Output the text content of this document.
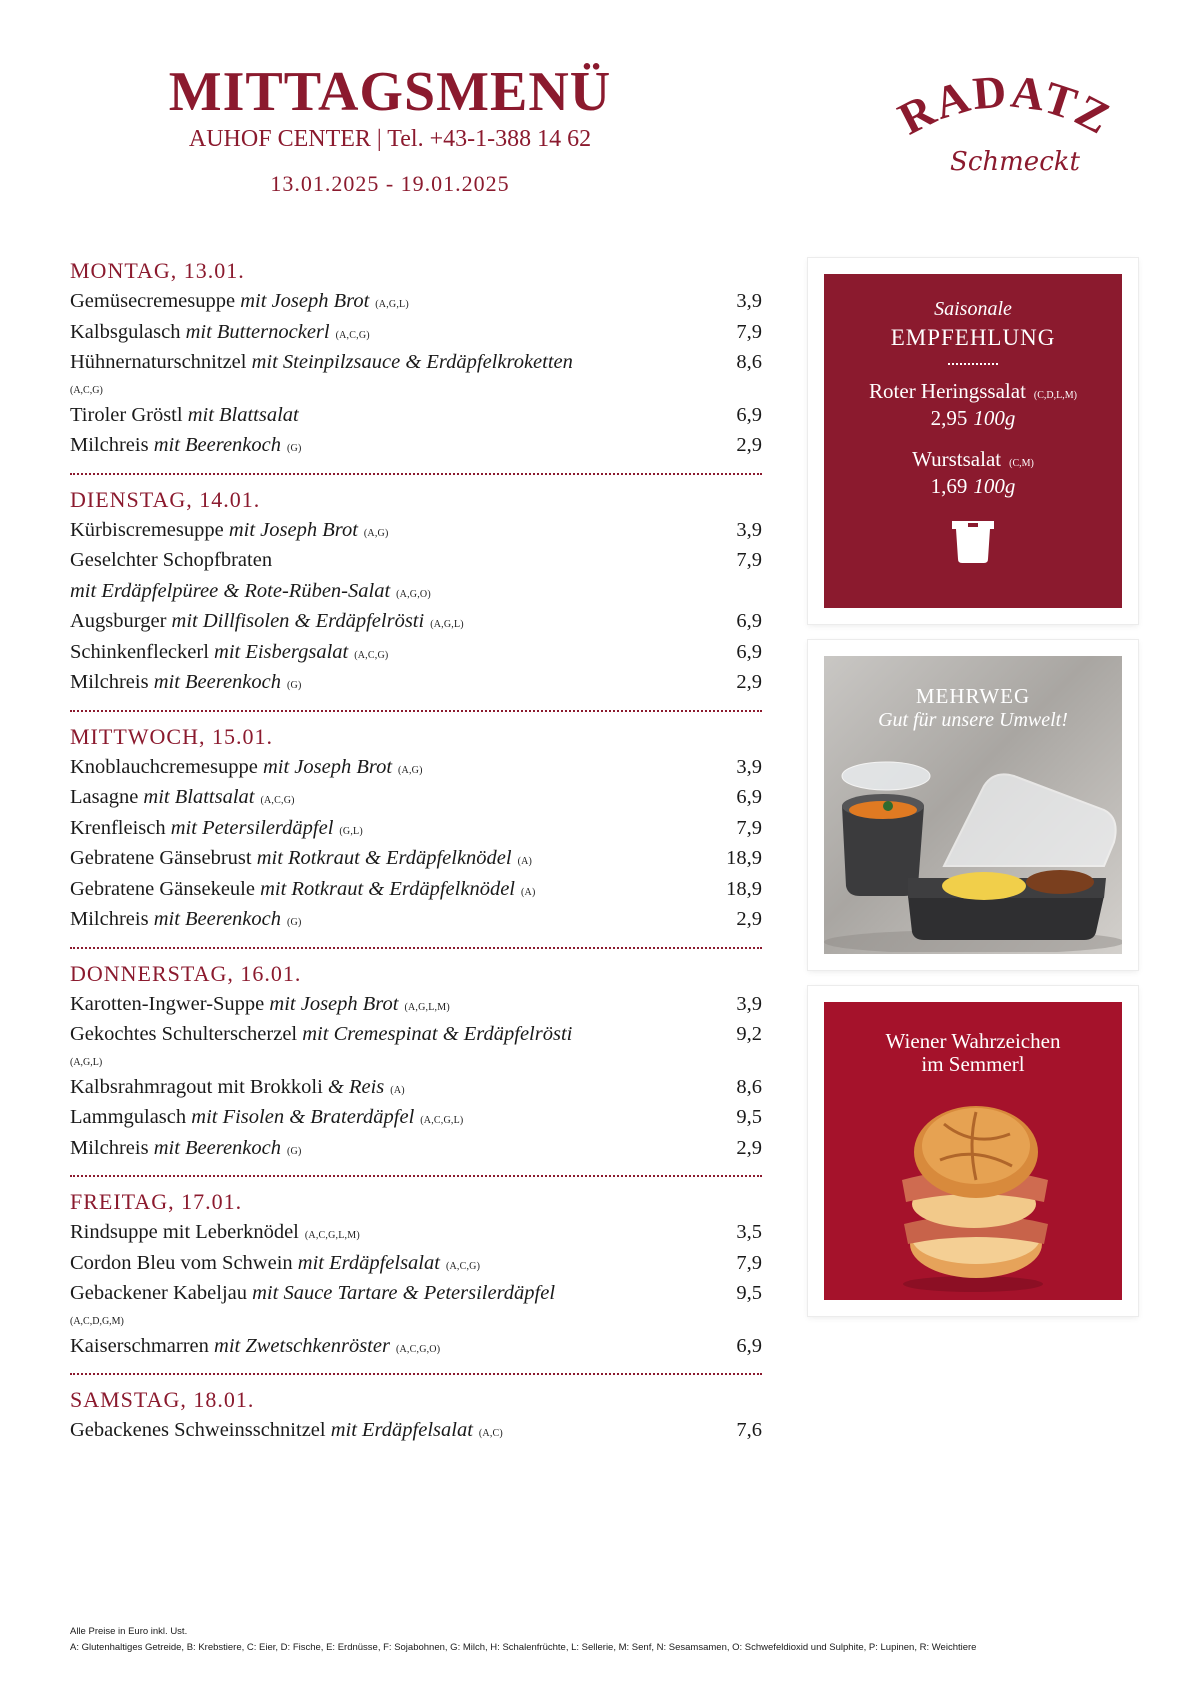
MITTAGSMENÜ
AUHOF CENTER | Tel. +43-1-388 14 62
13.01.2025 - 19.01.2025
RADATZ
Schmeckt
MONTAG, 13.01.
Gemüsecremesuppe mit Joseph Brot (A,G,L)	3,9
Kalbsgulasch mit Butternockerl (A,C,G)	7,9
Hühnernaturschnitzel mit Steinpilzsauce & Erdäpfelkroketten	8,6
(A,C,G)
Tiroler Gröstl mit Blattsalat	6,9
Milchreis mit Beerenkoch (G)	2,9
DIENSTAG, 14.01.
Kürbiscremesuppe mit Joseph Brot (A,G)	3,9
Geselchter Schopfbraten	7,9
mit Erdäpfelpüree & Rote-Rüben-Salat (A,G,O)
Augsburger mit Dillfisolen & Erdäpfelrösti (A,G,L)	6,9
Schinkenfleckerl mit Eisbergsalat (A,C,G)	6,9
Milchreis mit Beerenkoch (G)	2,9
MITTWOCH, 15.01.
Knoblauchcremesuppe mit Joseph Brot (A,G)	3,9
Lasagne mit Blattsalat (A,C,G)	6,9
Krenfleisch mit Petersilerdäpfel (G,L)	7,9
Gebratene Gänsebrust mit Rotkraut & Erdäpfelknödel (A)	18,9
Gebratene Gänsekeule mit Rotkraut & Erdäpfelknödel (A)	18,9
Milchreis mit Beerenkoch (G)	2,9
DONNERSTAG, 16.01.
Karotten-Ingwer-Suppe mit Joseph Brot (A,G,L,M)	3,9
Gekochtes Schulterscherzel mit Cremespinat & Erdäpfelrösti	9,2
(A,G,L)
Kalbsrahmragout mit Brokkoli & Reis (A)	8,6
Lammgulasch mit Fisolen & Braterdäpfel (A,C,G,L)	9,5
Milchreis mit Beerenkoch (G)	2,9
FREITAG, 17.01.
Rindsuppe mit Leberknödel (A,C,G,L,M)	3,5
Cordon Bleu vom Schwein mit Erdäpfelsalat (A,C,G)	7,9
Gebackener Kabeljau mit Sauce Tartare & Petersilerdäpfel	9,5
(A,C,D,G,M)
Kaiserschmarren mit Zwetschkenröster (A,C,G,O)	6,9
SAMSTAG, 18.01.
Gebackenes Schweinsschnitzel mit Erdäpfelsalat (A,C)	7,6
Saisonale
EMPFEHLUNG
Roter Heringssalat (C,D,L,M)
2,95 100g
Wurstsalat (C,M)
1,69 100g
MEHRWEG
Gut für unsere Umwelt!
Wiener Wahrzeichen
im Semmerl
Alle Preise in Euro inkl. Ust.
A: Glutenhaltiges Getreide, B: Krebstiere, C: Eier, D: Fische, E: Erdnüsse, F: Sojabohnen, G: Milch, H: Schalenfrüchte, L: Sellerie, M: Senf, N: Sesamsamen, O: Schwefeldioxid und Sulphite, P: Lupinen, R: Weichtiere
